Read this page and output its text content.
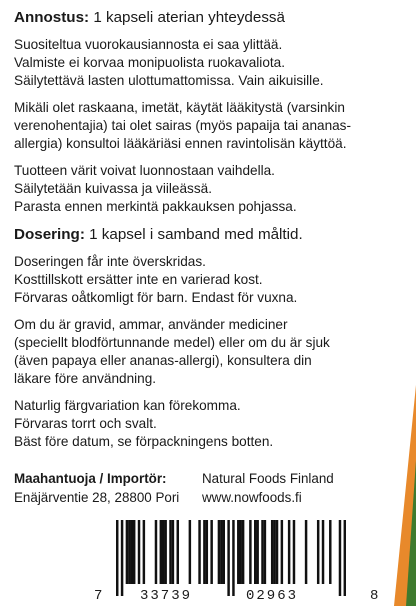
Annostus: 1 kapseli aterian yhteydessä
Suositeltua vuorokausiannosta ei saa ylittää.
Valmiste ei korvaa monipuolista ruokavaliota.
Säilytettävä lasten ulottumattomissa. Vain aikuisille.
Mikäli olet raskaana, imetät, käytät lääkitystä (varsinkin
verenohentajia) tai olet sairas (myös papaija tai ananas-
allergia) konsultoi lääkäriäsi ennen ravintolisän käyttöä.
Tuotteen värit voivat luonnostaan vaihdella.
Säilytetään kuivassa ja viileässä.
Parasta ennen merkintä pakkauksen pohjassa.
Dosering: 1 kapsel i samband med måltid.
Doseringen får inte överskridas.
Kosttillskott ersätter inte en varierad kost.
Förvaras oåtkomligt för barn. Endast för vuxna.
Om du är gravid, ammar, använder mediciner
(speciellt blodförtunnande medel) eller om du är sjuk
(även papaya eller ananas-allergi), konsultera din
läkare före användning.
Naturlig färgvariation kan förekomma.
Förvaras torrt och svalt.
Bäst före datum, se förpackningens botten.
Maahantuoja / Importör:	Natural Foods Finland
Enäjärventie 28, 28800 Pori	www.nowfoods.fi
7	33739	02963	8
